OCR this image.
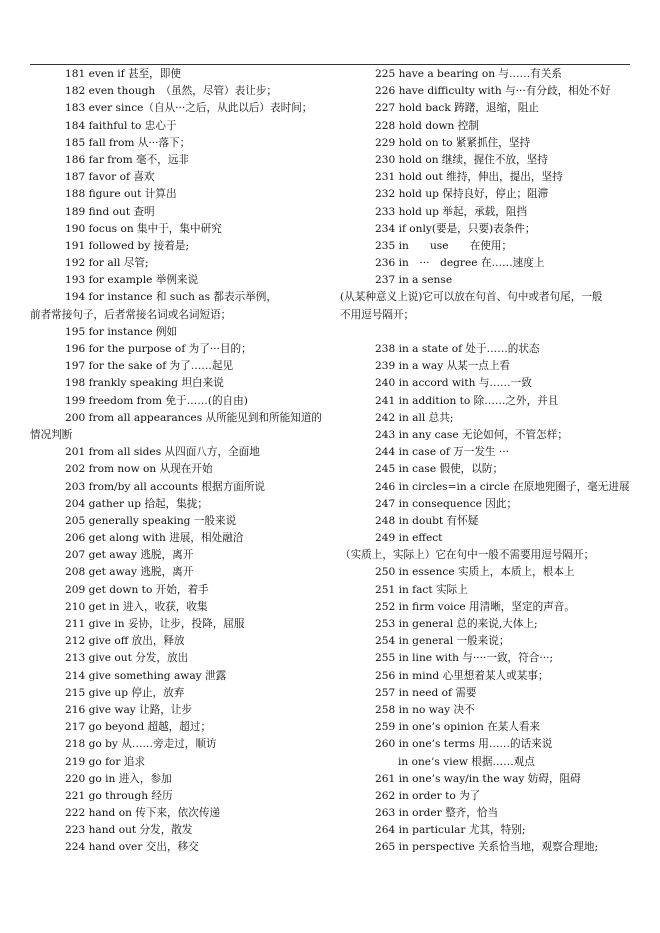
181 even if 甚至，即使
182 even though　（虽然，尽管）表让步；
183 ever since（自从···之后，从此以后）表时间；
184 faithful to 忠心于
185 fall from 从···落下；
186 far from 毫不，远非
187 favor of 喜欢
188 figure out 计算出
189 find out 查明
190 focus on 集中于，集中研究
191 followed by 接着是;
192 for all 尽管;
193 for example 举例来说
194 for instance 和 such as 都表示举例，
前者常接句子，后者常接名词或名词短语；
195 for instance 例如
196 for the purpose of 为了···目的；
197 for the sake of 为了……起见
198 frankly speaking 坦白来说
199 freedom from 免于……(的自由)
200 from all appearances 从所能见到和所能知道的
情况判断
201 from all sides 从四面八方，全面地
202 from now on 从现在开始
203 from/by all accounts 根据方面所说
204 gather up 拾起，集拢；
205 generally speaking 一般来说
206 get along with 进展，相处融洽
207 get away 逃脱，离开
208 get away 逃脱，离开
209 get down to 开始，着手
210 get in 进入，收获，收集
211 give in 妥协，让步，投降，屈服
212 give off 放出，释放
213 give out 分发，放出
214 give something away 泄露
215 give up 停止，放弃
216 give way 让路，让步
217 go beyond 超越，超过；
218 go by 从……旁走过，顺访
219 go for 追求
220 go in 进入，参加
221 go through 经历
222 hand on 传下来，依次传递
223 hand out 分发，散发
224 hand over 交出，移交
225 have a bearing on 与……有关系
226 have difficulty with 与···有分歧，相处不好
227 hold back 踌躇，退缩，阻止
228 hold down 控制
229 hold on to 紧紧抓住，坚持
230 hold on 继续，握住不放，坚持
231 hold out 维持，伸出，提出，坚持
232 hold up 保持良好，停止；阻滞
233 hold up 举起，承载，阻挡
234 if only(要是，只要)表条件；
235 in　　use　　在使用；
236 in　···　degree 在……速度上
237 in a sense
(从某种意义上说)它可以放在句首、句中或者句尾，一般
不用逗号隔开；
238 in a state of 处于……的状态
239 in a way 从某一点上看
240 in accord with 与……一致
241 in addition to 除……之外，并且
242 in all 总共;
243 in any case 无论如何，不管怎样；
244 in case of 万一发生 ···
245 in case 假使，以防；
246 in circles=in a circle 在原地兜圈子，毫无进展
247 in consequence 因此；
248 in doubt 有怀疑
249 in effect
（实质上，实际上）它在句中一般不需要用逗号隔开；
250 in essence 实质上，本质上，根本上
251 in fact 实际上
252 in firm voice 用清晰，坚定的声音。
253 in general 总的来说,大体上;
254 in general 一般来说；
255 in line with 与····一致，符合···;
256 in mind 心里想着某人或某事；
257 in need of 需要
258 in no way 决不
259 in one’s opinion 在某人看来
260 in one’s terms 用……的话来说
in one’s view 根据……观点
261 in one’s way/in the way 妨碍，阻碍
262 in order to 为了
263 in order 整齐，恰当
264 in particular 尤其，特别;
265 in perspective 关系恰当地，观察合理地;
